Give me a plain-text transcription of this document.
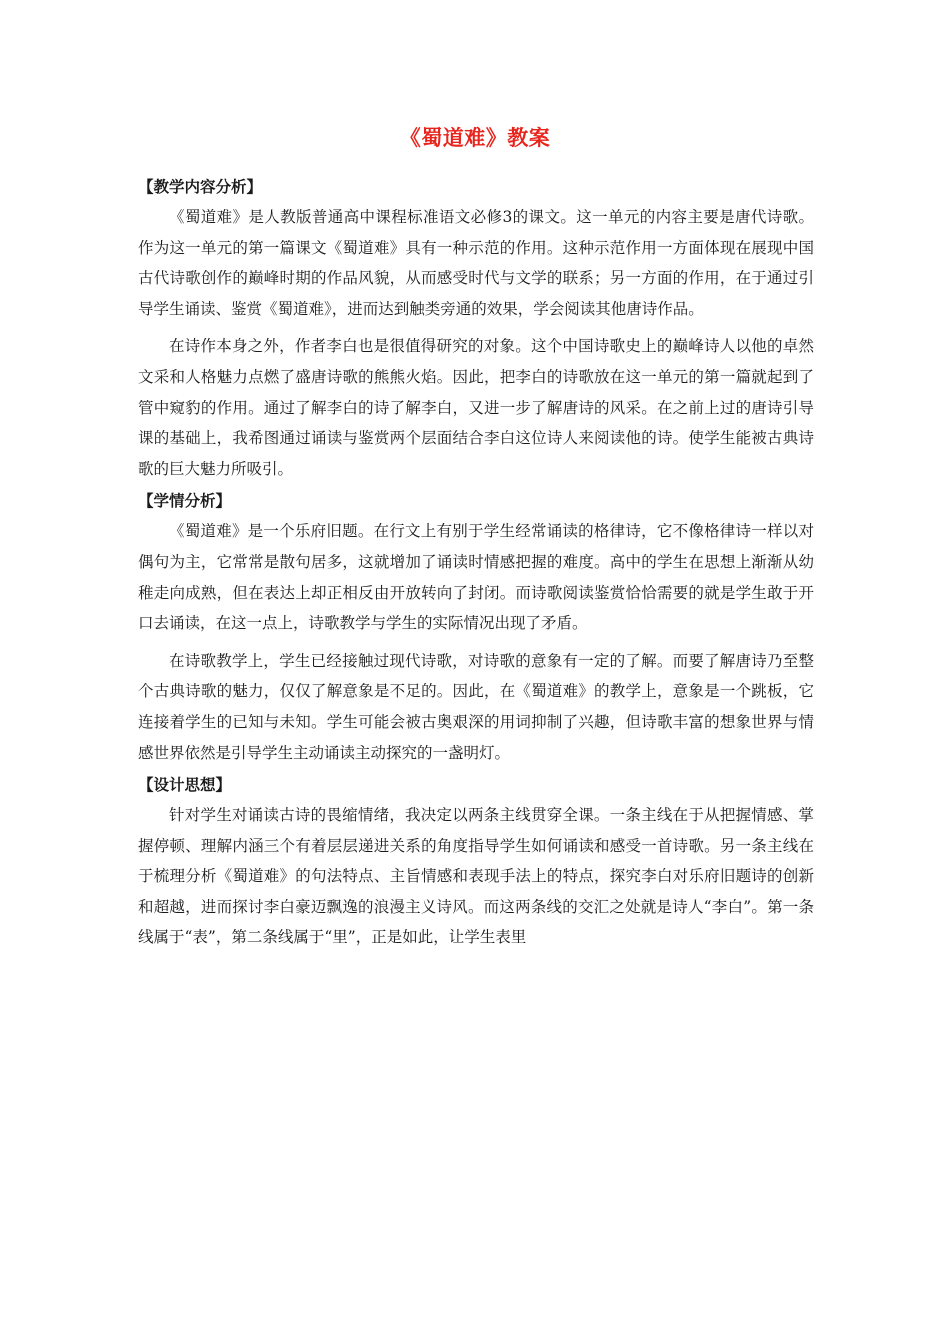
《蜀道难》教案
【教学内容分析】

《蜀道难》是人教版普通高中课程标准语文必修3的课文。这一单元的内容主要是唐代诗歌。作为这一单元的第一篇课文《蜀道难》具有一种示范的作用。这种示范作用一方面体现在展现中国古代诗歌创作的巅峰时期的作品风貌，从而感受时代与文学的联系；另一方面的作用，在于通过引导学生诵读、鉴赏《蜀道难》，进而达到触类旁通的效果，学会阅读其他唐诗作品。

在诗作本身之外，作者李白也是很值得研究的对象。这个中国诗歌史上的巅峰诗人以他的卓然文采和人格魅力点燃了盛唐诗歌的熊熊火焰。因此，把李白的诗歌放在这一单元的第一篇就起到了管中窥豹的作用。通过了解李白的诗了解李白，又进一步了解唐诗的风采。在之前上过的唐诗引导课的基础上，我希图通过诵读与鉴赏两个层面结合李白这位诗人来阅读他的诗。使学生能被古典诗歌的巨大魅力所吸引。

【学情分析】

《蜀道难》是一个乐府旧题。在行文上有别于学生经常诵读的格律诗，它不像格律诗一样以对偶句为主，它常常是散句居多，这就增加了诵读时情感把握的难度。高中的学生在思想上渐渐从幼稚走向成熟，但在表达上却正相反由开放转向了封闭。而诗歌阅读鉴赏恰恰需要的就是学生敢于开口去诵读，在这一点上，诗歌教学与学生的实际情况出现了矛盾。

在诗歌教学上，学生已经接触过现代诗歌，对诗歌的意象有一定的了解。而要了解唐诗乃至整个古典诗歌的魅力，仅仅了解意象是不足的。因此，在《蜀道难》的教学上，意象是一个跳板，它连接着学生的已知与未知。学生可能会被古奥艰深的用词抑制了兴趣，但诗歌丰富的想象世界与情感世界依然是引导学生主动诵读主动探究的一盏明灯。

【设计思想】

针对学生对诵读古诗的畏缩情绪，我决定以两条主线贯穿全课。一条主线在于从把握情感、掌握停顿、理解内涵三个有着层层递进关系的角度指导学生如何诵读和感受一首诗歌。另一条主线在于梳理分析《蜀道难》的句法特点、主旨情感和表现手法上的特点，探究李白对乐府旧题诗的创新和超越，进而探讨李白豪迈飘逸的浪漫主义诗风。而这两条线的交汇之处就是诗人“李白”。第一条线属于“表”，第二条线属于“里”，正是如此，让学生表里
